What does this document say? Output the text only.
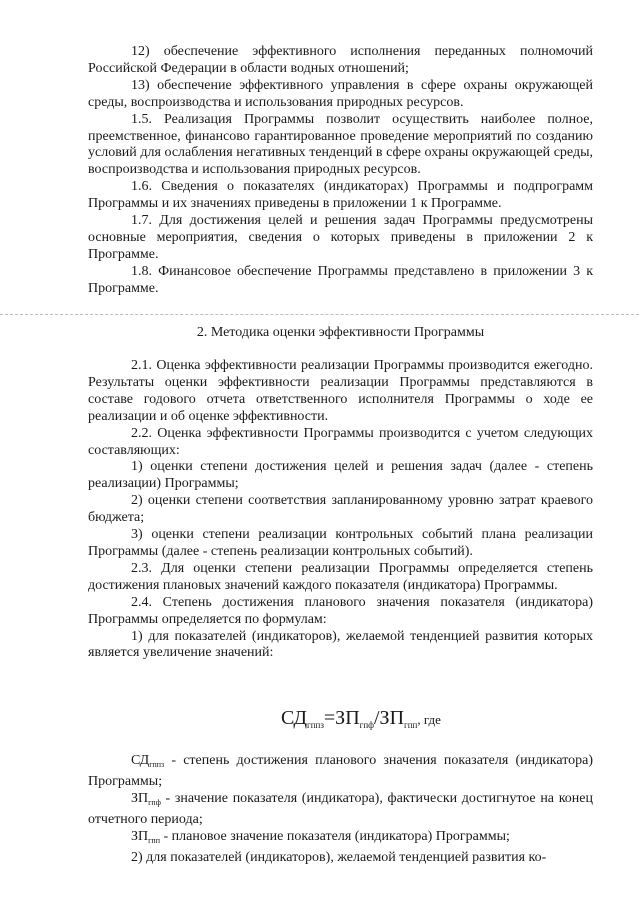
12) обеспечение эффективного исполнения переданных полномочий Российской Федерации в области водных отношений;

13) обеспечение эффективного управления в сфере охраны окружающей среды, воспроизводства и использования природных ресурсов.

1.5. Реализация Программы позволит осуществить наиболее полное, преемственное, финансово гарантированное проведение мероприятий по созданию условий для ослабления негативных тенденций в сфере охраны окружающей среды, воспроизводства и использования природных ресурсов.

1.6. Сведения о показателях (индикаторах) Программы и подпрограмм Программы и их значениях приведены в приложении 1 к Программе.

1.7. Для достижения целей и решения задач Программы предусмотрены основные мероприятия, сведения о которых приведены в приложении 2 к Программе.

1.8. Финансовое обеспечение Программы представлено в приложении 3 к Программе.

2. Методика оценки эффективности Программы

2.1. Оценка эффективности реализации Программы производится ежегодно. Результаты оценки эффективности реализации Программы представляются в составе годового отчета ответственного исполнителя Программы о ходе ее реализации и об оценке эффективности.

2.2. Оценка эффективности Программы производится с учетом следующих составляющих:

1) оценки степени достижения целей и решения задач (далее - степень реализации) Программы;

2) оценки степени соответствия запланированному уровню затрат краевого бюджета;

3) оценки степени реализации контрольных событий плана реализации Программы (далее - степень реализации контрольных событий).

2.3. Для оценки степени реализации Программы определяется степень достижения плановых значений каждого показателя (индикатора) Программы.

2.4. Степень достижения планового значения показателя (индикатора) Программы определяется по формулам:

1) для показателей (индикаторов), желаемой тенденцией развития которых является увеличение значений:

$СД_{гппз}=ЗП_{гпф}/ЗП_{гпп}$, где

$СД_{гппз}$ - степень достижения планового значения показателя (индикатора) Программы;

$ЗП_{гпф}$ - значение показателя (индикатора), фактически достигнутое на конец отчетного периода;

$ЗП_{гпп}$ - плановое значение показателя (индикатора) Программы;

2) для показателей (индикаторов), желаемой тенденцией развития ко-
